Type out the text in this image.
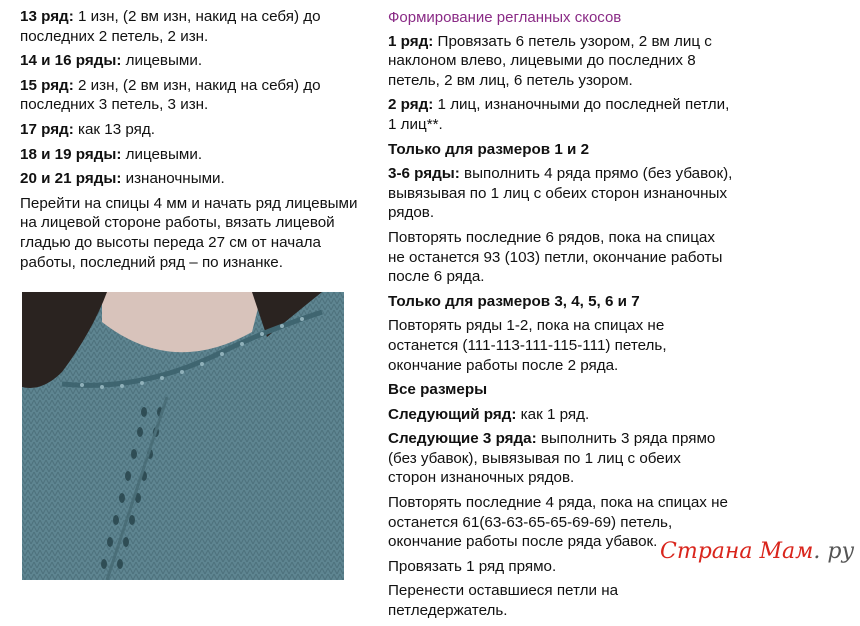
13 ряд: 1 изн, (2 вм изн, накид на себя) до последних 2 петель, 2 изн.

14 и 16 ряды: лицевыми.

15 ряд: 2 изн, (2 вм изн, накид на себя) до последних 3 петель, 3 изн.

17 ряд: как 13 ряд.

18 и 19 ряды: лицевыми.

20 и 21 ряды: изнаночными.

Перейти на спицы 4 мм и начать ряд лицевыми на лицевой стороне работы, вязать лицевой гладью до высоты переда 27 см от начала работы, последний ряд – по изнанке.

Формирование регланных скосов

1 ряд: Провязать 6 петель узором, 2 вм лиц с наклоном влево, лицевыми до последних 8 петель, 2 вм лиц, 6 петель узором.

2 ряд: 1 лиц, изнаночными до последней петли, 1 лиц**.

Только для размеров 1 и 2

3-6 ряды: выполнить 4 ряда прямо (без убавок), вывязывая по 1 лиц с обеих сторон изнаночных рядов.

Повторять последние 6 рядов, пока на спицах не останется 93 (103) петли, окончание работы после 6 ряда.

Только для размеров 3, 4, 5, 6 и 7

Повторять ряды 1-2, пока на спицах не останется (111-113-111-115-111) петель, окончание работы после 2 ряда.

Все размеры

Следующий ряд: как 1 ряд.

Следующие 3 ряда: выполнить 3 ряда прямо (без убавок), вывязывая по 1 лиц с обеих сторон изнаночных рядов.

Повторять последние 4 ряда, пока на спицах не останется 61(63-63-65-65-69-69) петель, окончание работы после ряда убавок.

Провязать 1 ряд прямо.

Перенести оставшиеся петли на петледержатель.

Страна Мам. ру
